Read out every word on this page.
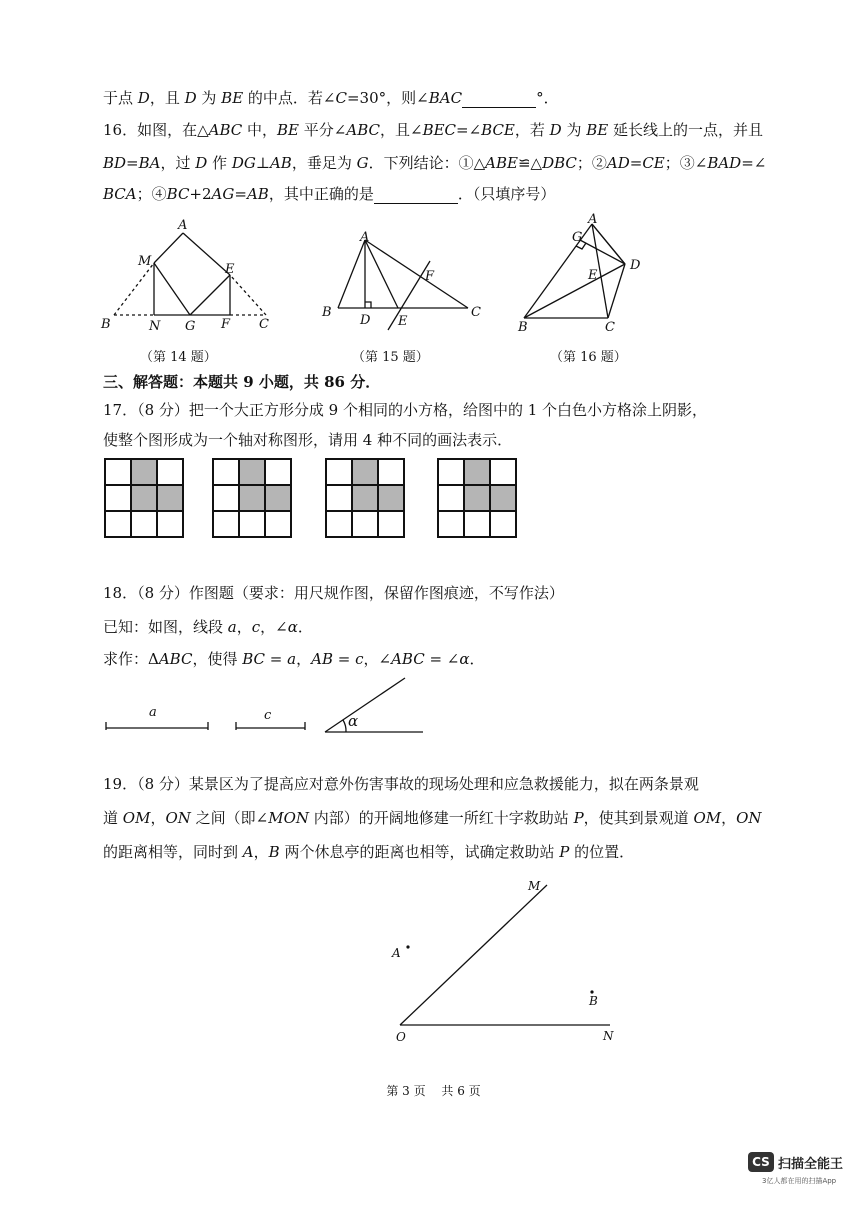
于点 D，且 D 为 BE 的中点．若∠C=30°，则∠BAC	°．
16．如图，在△ABC 中，BE 平分∠ABC，且∠BEC=∠BCE，若 D 为 BE 延长线上的一点，并且
BD=BA，过 D 作 DG⊥AB，垂足为 G．下列结论：①△ABE≌△DBC；②AD=CE；③∠BAD=∠
BCA；④BC+2AG=AB，其中正确的是	．（只填序号）
A
M
E
B	N G F C
（第 14 题）
A
F
B
D E
C
（第 15 题）
A
G
D
E
B	C
（第 16 题）
三、解答题：本题共 9 小题，共 86 分．
17．（8 分）把一个大正方形分成 9 个相同的小方格，给图中的 1 个白色小方格涂上阴影，
使整个图形成为一个轴对称图形，请用 4 种不同的画法表示．
18．（8 分）作图题（要求：用尺规作图，保留作图痕迹，不写作法）
已知：如图，线段 a，c，∠α．
求作：ΔABC，使得 BC = a，AB = c，∠ABC = ∠α．
a	c	α
19．（8 分）某景区为了提高应对意外伤害事故的现场处理和应急救援能力，拟在两条景观
道 OM，ON 之间（即∠MON 内部）的开阔地修建一所红十字救助站 P，使其到景观道 OM，ON
的距离相等，同时到 A，B 两个休息亭的距离也相等，试确定救助站 P 的位置．
M
A
B
O	N
第 3 页　 共 6 页
CS 扫描全能王
3亿人都在用的扫描App
